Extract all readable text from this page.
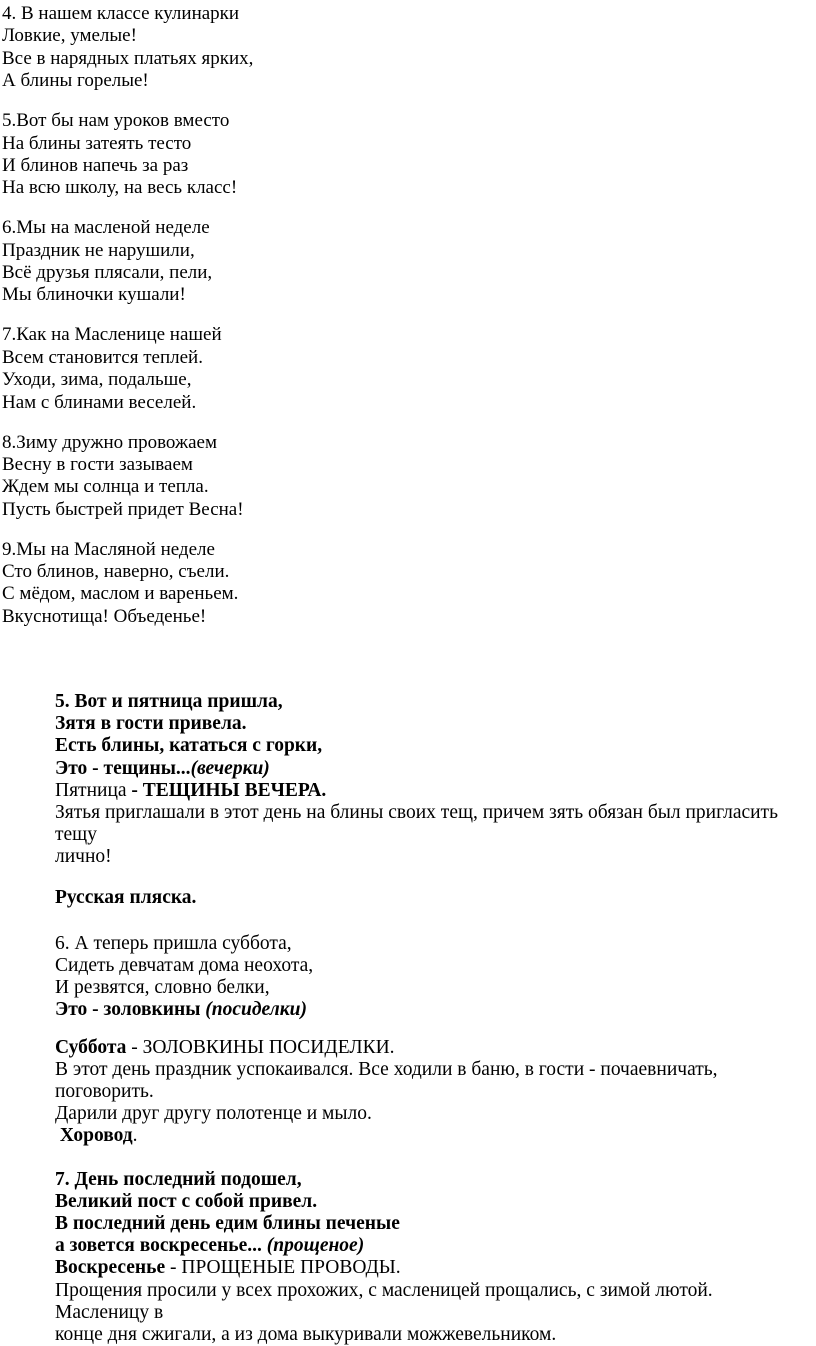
4. В нашем классе кулинарки
Ловкие, умелые!
Все в нарядных платьях ярких,
А блины горелые!
5.Вот бы нам уроков вместо
На блины затеять тесто
И блинов напечь за раз
На всю школу, на весь класс!
6.Мы на масленой неделе
Праздник не нарушили,
Всё друзья плясали, пели,
Мы блиночки кушали!
7.Как на Масленице нашей
Всем становится теплей.
Уходи, зима, подальше,
Нам с блинами веселей.
8.Зиму дружно провожаем
Весну в гости зазываем
Ждем мы солнца и тепла.
Пусть быстрей придет Весна!
9.Мы на Масляной неделе
Сто блинов, наверно, съели.
С мёдом, маслом и вареньем.
Вкуснотища! Объеденье!
5. Вот и пятница пришла,
Зятя в гости привела.
Есть блины, кататься с горки,
Это - тещины...(вечерки)
Пятница - ТЕЩИНЫ ВЕЧЕРА.
Зятья приглашали в этот день на блины своих тещ, причем зять обязан был пригласить тещу
лично!
Русская пляска.
6. А теперь пришла суббота,
Сидеть девчатам дома неохота,
И резвятся, словно белки,
Это - золовкины (посиделки)
Суббота - ЗОЛОВКИНЫ ПОСИДЕЛКИ.
В этот день праздник успокаивался. Все ходили в баню, в гости - почаевничать, поговорить.
Дарили друг другу полотенце и мыло.
Хоровод.
7. День последний подошел,
Великий пост с собой привел.
В последний день едим блины печеные
а зовется воскресенье... (прощеное)
Воскресенье - ПРОЩЕНЫЕ ПРОВОДЫ.
Прощения просили у всех прохожих, с масленицей прощались, с зимой лютой. Масленицу в
конце дня сжигали, а из дома выкуривали можжевельником.
